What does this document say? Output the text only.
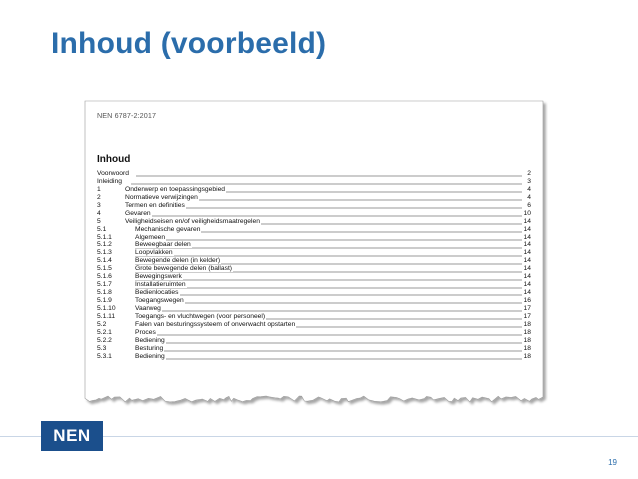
Inhoud (voorbeeld)
NEN 6787-2:2017
Inhoud
Voorwoord	2
Inleiding	3
1	Onderwerp en toepassingsgebied	4
2	Normatieve verwijzingen	4
3	Termen en definities	6
4	Gevaren	10
5	Veiligheidseisen en/of veiligheidsmaatregelen	14
5.1	Mechanische gevaren	14
5.1.1	Algemeen	14
5.1.2	Beweegbaar delen	14
5.1.3	Loopvlakken	14
5.1.4	Bewegende delen (in kelder)	14
5.1.5	Grote bewegende delen (ballast)	14
5.1.6	Bewegingswerk	14
5.1.7	Installatieruimten	14
5.1.8	Bedienlocaties	14
5.1.9	Toegangswegen	16
5.1.10	Vaarweg	17
5.1.11	Toegangs- en vluchtwegen (voor personeel)	17
5.2	Falen van besturingssysteem of onverwacht opstarten	18
5.2.1	Proces	18
5.2.2	Bediening	18
5.3	Besturing	18
5.3.1	Bediening	18
NEN
19
